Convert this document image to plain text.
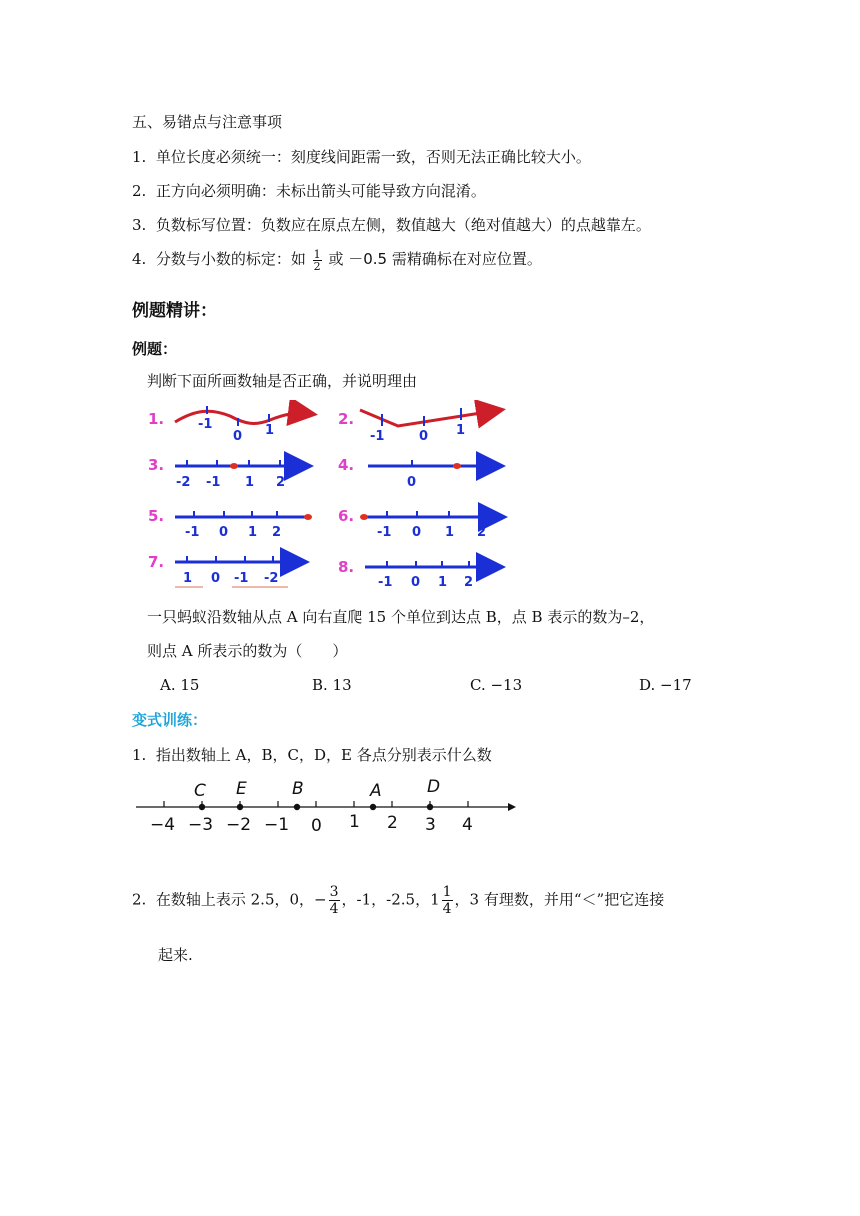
五、易错点与注意事项
1. 单位长度必须统一：刻度线间距需一致，否则无法正确比较大小。
2. 正方向必须明确：未标出箭头可能导致方向混淆。
3. 负数标写位置：负数应在原点左侧，数值越大（绝对值越大）的点越靠左。
4. 分数与小数的标定：如 $\frac{1}{2}$ 或 －0.5 需精确标在对应位置。
例题精讲：
例题：
判断下面所画数轴是否正确，并说明理由
1.	2.
3.	4.
5.	6.
7.	8.
-1
0 1	-1	0 1
-2 -1 1 2	0
-1 0 1 2	-1 0 1 2
1 0 -1 -2	-1 0 1 2
一只蚂蚁沿数轴从点 A 向右直爬 15 个单位到达点 B，点 B 表示的数为–2，
则点 A 所表示的数为（　　）
A. 15	B. 13	C. −13	D. −17
变式训练：
1. 指出数轴上 A，B，C，D，E 各点分别表示什么数
C E	B	A	D
−4 −3 −2 −1 0 1 2 3 4
2. 在数轴上表示 2.5，0，− $\frac{3}{4}$ ，-1，-2.5，$1 \frac{1}{4}$ ，3 有理数，并用“＜”把它连接
起来.
